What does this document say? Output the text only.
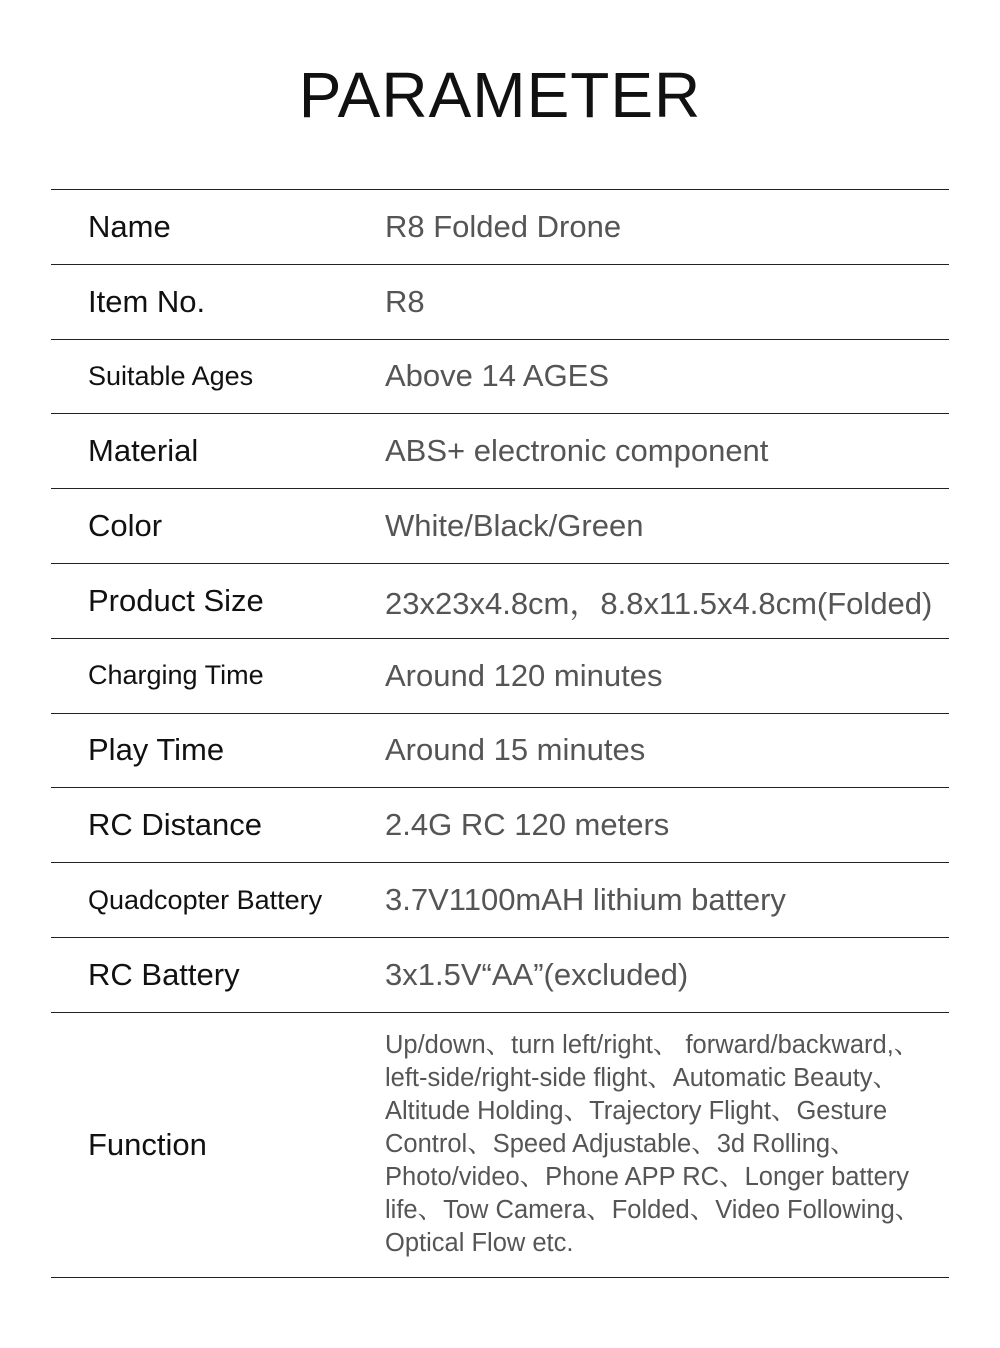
PARAMETER
Name	R8 Folded Drone
Item No.	R8
Suitable Ages	Above 14 AGES
Material	ABS+ electronic component
Color	White/Black/Green
Product Size	23x23x4.8cm，8.8x11.5x4.8cm(Folded)
Charging Time	Around 120 minutes
Play Time	Around 15 minutes
RC Distance	2.4G RC 120 meters
Quadcopter Battery 3.7V1100mAH lithium battery
RC Battery	3x1.5V“AA”(excluded)
Function
Up/down、turn left/right、 forward/backward,、left-side/right-side flight、Automatic Beauty、Altitude Holding、Trajectory Flight、Gesture Control、Speed Adjustable、3d Rolling、Photo/video、Phone APP RC、Longer battery life、Tow Camera、Folded、Video Following、Optical Flow etc.
